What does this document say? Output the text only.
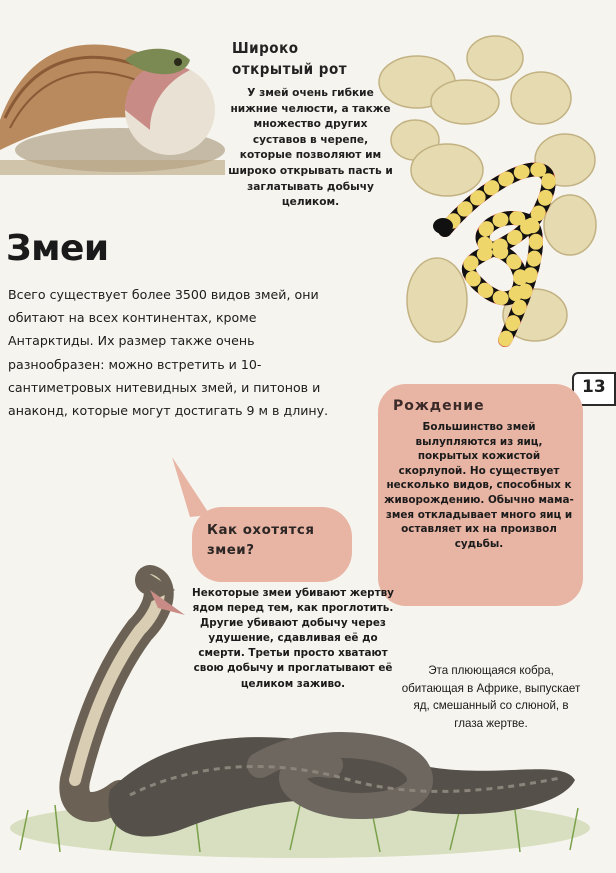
Широко открытый рот

У змей очень гибкие нижние челюсти, а также множество других суставов в черепе, которые позволяют им широко открывать пасть и заглатывать добычу целиком.

Змеи

Всего существует более 3500 видов змей, они обитают на всех континентах, кроме Антарктиды. Их размер также очень разнообразен: можно встретить и 10-сантиметровых нитевидных змей, и питонов и анаконд, которые могут достигать 9 м в длину.

13
Рождение

Большинство змей вылупляются из яиц, покрытых кожистой скорлупой. Но существует несколько видов, способных к живорождению. Обычно мама-змея откладывает много яиц и оставляет их на произвол судьбы.

Как охотятся змеи?

Некоторые змеи убивают жертву ядом перед тем, как проглотить. Другие убивают добычу через удушение, сдавливая её до смерти. Третьи просто хватают свою добычу и проглатывают её целиком заживо.

Эта плюющаяся кобра, обитающая в Африке, выпускает яд, смешанный со слюной, в глаза жертве.
